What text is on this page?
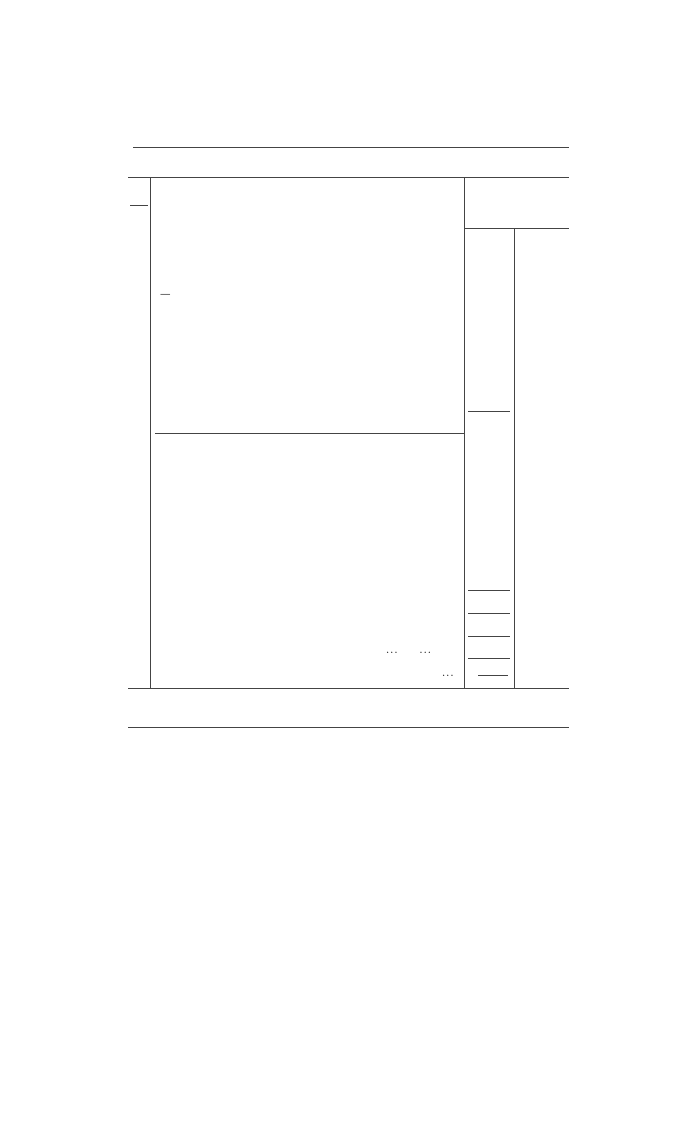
—
...     ...
...
